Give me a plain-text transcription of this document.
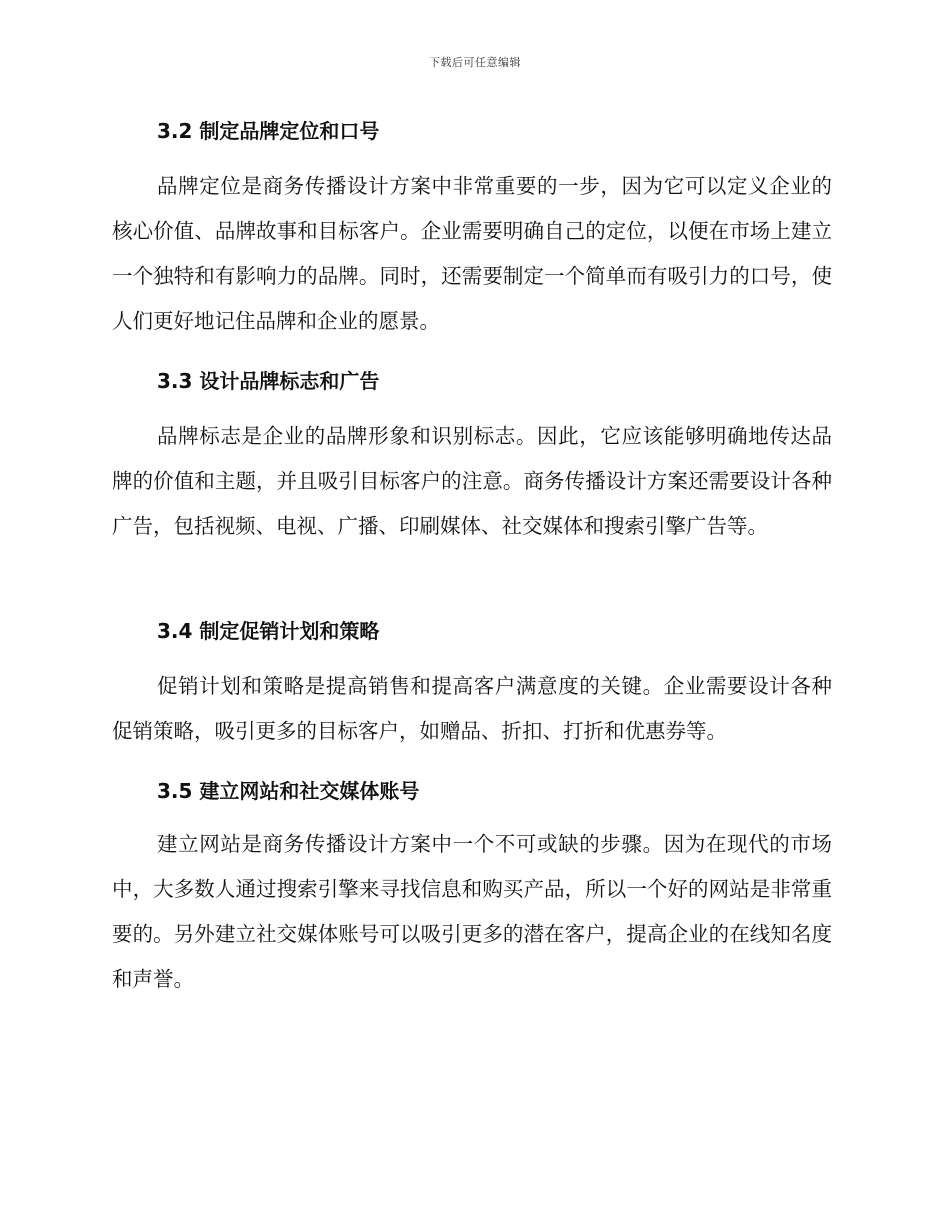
下载后可任意编辑
3.2 制定品牌定位和口号

品牌定位是商务传播设计方案中非常重要的一步，因为它可以定义企业的核心价值、品牌故事和目标客户。企业需要明确自己的定位，以便在市场上建立一个独特和有影响力的品牌。同时，还需要制定一个简单而有吸引力的口号，使人们更好地记住品牌和企业的愿景。

3.3 设计品牌标志和广告

品牌标志是企业的品牌形象和识别标志。因此，它应该能够明确地传达品牌的价值和主题，并且吸引目标客户的注意。商务传播设计方案还需要设计各种广告，包括视频、电视、广播、印刷媒体、社交媒体和搜索引擎广告等。

3.4 制定促销计划和策略

促销计划和策略是提高销售和提高客户满意度的关键。企业需要设计各种促销策略，吸引更多的目标客户，如赠品、折扣、打折和优惠券等。

3.5 建立网站和社交媒体账号

建立网站是商务传播设计方案中一个不可或缺的步骤。因为在现代的市场中，大多数人通过搜索引擎来寻找信息和购买产品，所以一个好的网站是非常重要的。另外建立社交媒体账号可以吸引更多的潜在客户，提高企业的在线知名度和声誉。
